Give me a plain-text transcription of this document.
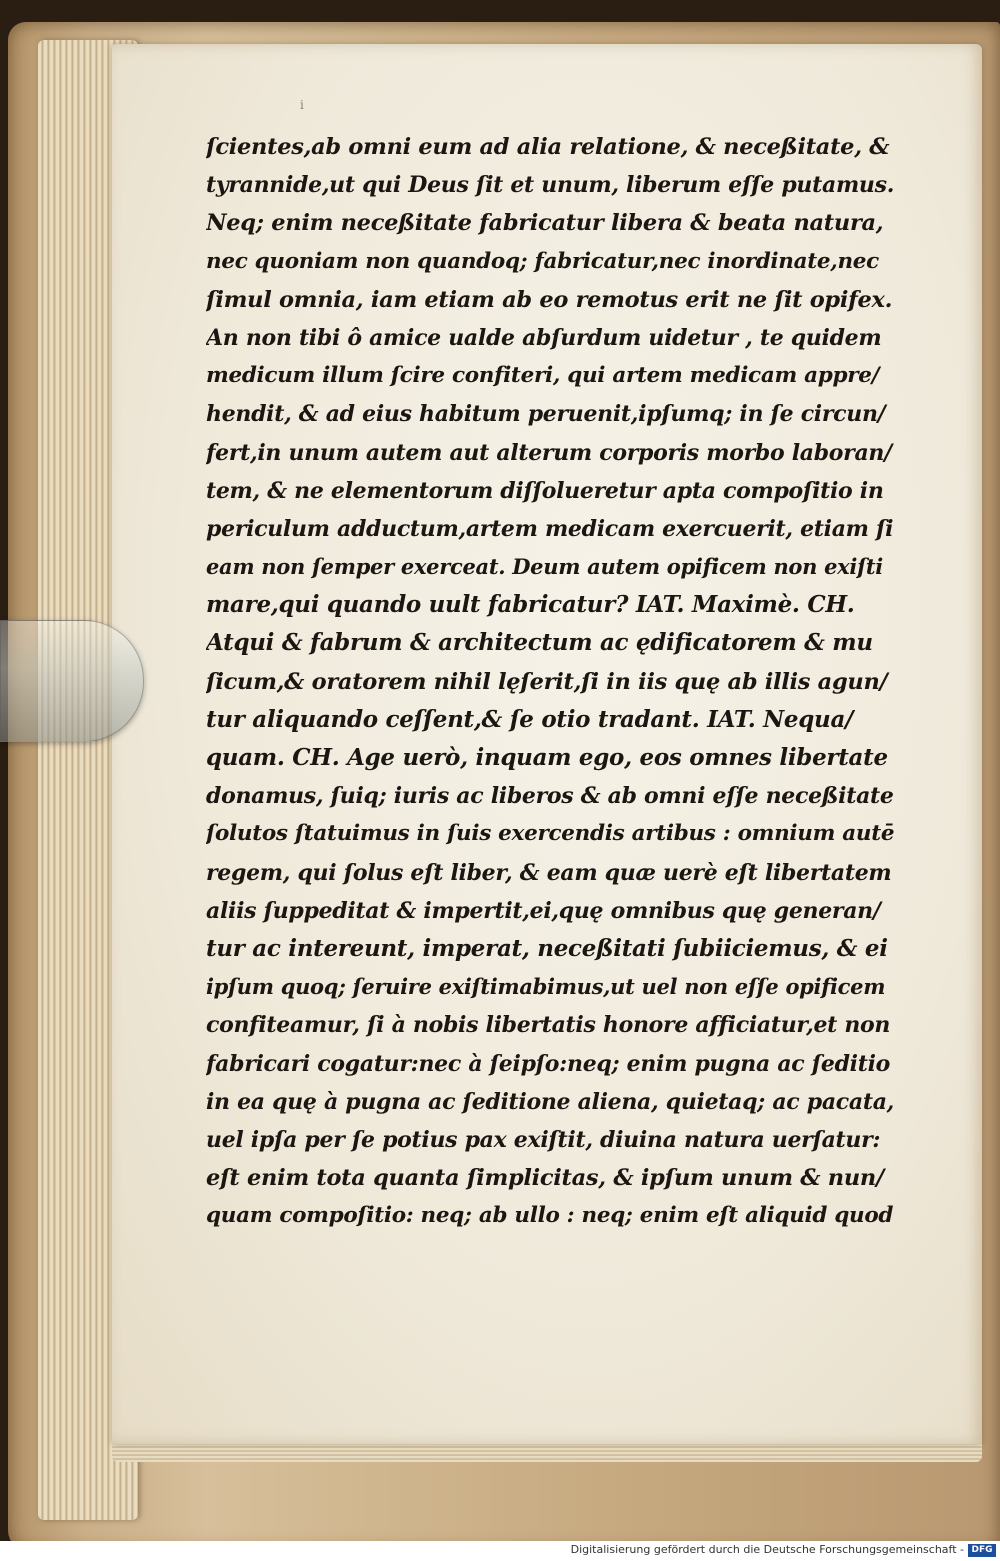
i
ſcientes,ab omni eum ad alia relatione, & neceßitate, &
tyrannide,ut qui Deus ſit et unum, liberum eſſe putamus.
Neq; enim neceßitate fabricatur libera & beata natura,
nec quoniam non quandoq; fabricatur,nec inordinate,nec
ſimul omnia, iam etiam ab eo remotus erit ne ſit opifex.
An non tibi ô amice ualde abſurdum uidetur , te quidem
medicum illum ſcire confiteri, qui artem medicam appre/
hendit, & ad eius habitum peruenit,ipſumq; in ſe circun/
fert,in unum autem aut alterum corporis morbo laboran/
tem, & ne elementorum diſſolueretur apta compoſitio in
periculum adductum,artem medicam exercuerit, etiam ſi
eam non ſemper exerceat. Deum autem opificem non exiſti
mare,qui quando uult fabricatur? IAT. Maximè. CH.
Atqui & fabrum & architectum ac ędificatorem & mu
ſicum,& oratorem nihil lęſerit,ſi in iis quę ab illis agun/
tur aliquando ceſſent,& ſe otio tradant. IAT. Nequa/
quam. CH. Age uerò, inquam ego, eos omnes libertate
donamus, ſuiq; iuris ac liberos & ab omni eſſe neceßitate
ſolutos ſtatuimus in ſuis exercendis artibus : omnium autē
regem, qui ſolus eſt liber, & eam quæ uerè eſt libertatem
aliis ſuppeditat & impertit,ei,quę omnibus quę generan/
tur ac intereunt, imperat, neceßitati ſubiiciemus, & ei
ipſum quoq; ſeruire exiſtimabimus,ut uel non eſſe opificem
confiteamur, ſi à nobis libertatis honore afficiatur,et non
fabricari cogatur:nec à ſeipſo:neq; enim pugna ac ſeditio
in ea quę à pugna ac ſeditione aliena, quietaq; ac pacata,
uel ipſa per ſe potius pax exiſtit, diuina natura uerſatur:
eſt enim tota quanta ſimplicitas, & ipſum unum & nun/
quam compoſitio: neq; ab ullo : neq; enim eſt aliquid quod
Digitalisierung gefördert durch die Deutsche Forschungsgemeinschaft - DFG
